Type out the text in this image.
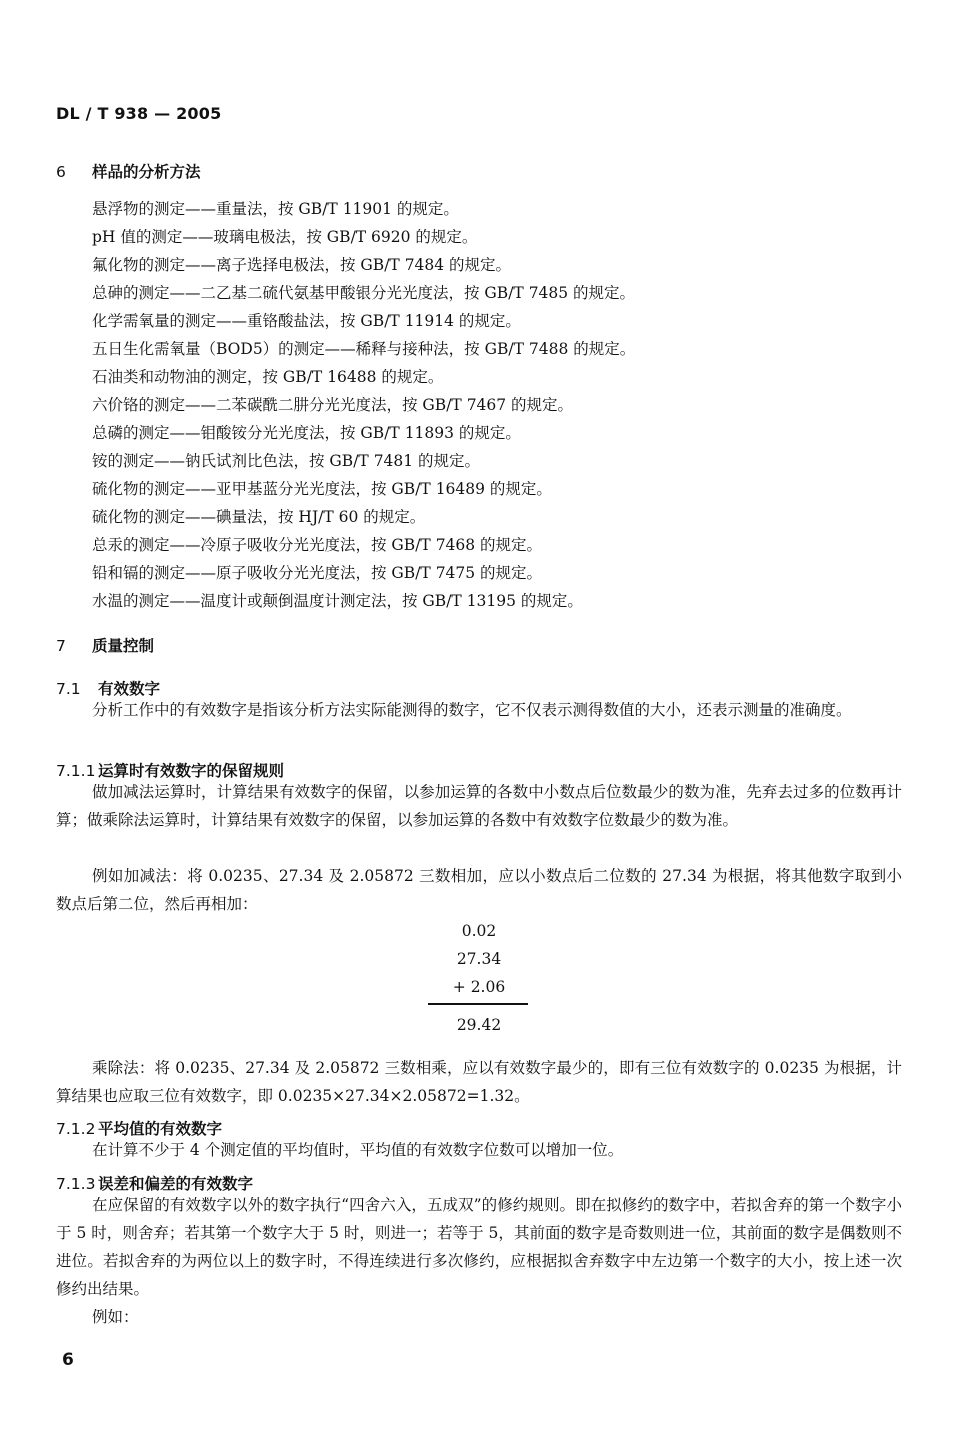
DL / T 938 — 2005
6 样品的分析方法
悬浮物的测定——重量法，按 GB/T 11901 的规定。
pH 值的测定——玻璃电极法，按 GB/T 6920 的规定。
氟化物的测定——离子选择电极法，按 GB/T 7484 的规定。
总砷的测定——二乙基二硫代氨基甲酸银分光光度法，按 GB/T 7485 的规定。
化学需氧量的测定——重铬酸盐法，按 GB/T 11914 的规定。
五日生化需氧量（BOD5）的测定——稀释与接种法，按 GB/T 7488 的规定。
石油类和动物油的测定，按 GB/T 16488 的规定。
六价铬的测定——二苯碳酰二肼分光光度法，按 GB/T 7467 的规定。
总磷的测定——钼酸铵分光光度法，按 GB/T 11893 的规定。
铵的测定——钠氏试剂比色法，按 GB/T 7481 的规定。
硫化物的测定——亚甲基蓝分光光度法，按 GB/T 16489 的规定。
硫化物的测定——碘量法，按 HJ/T 60 的规定。
总汞的测定——冷原子吸收分光光度法，按 GB/T 7468 的规定。
铅和镉的测定——原子吸收分光光度法，按 GB/T 7475 的规定。
水温的测定——温度计或颠倒温度计测定法，按 GB/T 13195 的规定。
7 质量控制
7.1 有效数字
分析工作中的有效数字是指该分析方法实际能测得的数字，它不仅表示测得数值的大小，还表示测量的准确度。
7.1.1 运算时有效数字的保留规则
做加减法运算时，计算结果有效数字的保留，以参加运算的各数中小数点后位数最少的数为准，先弃去过多的位数再计算；做乘除法运算时，计算结果有效数字的保留，以参加运算的各数中有效数字位数最少的数为准。
例如加减法：将 0.0235、27.34 及 2.05872 三数相加，应以小数点后二位数的 27.34 为根据，将其他数字取到小数点后第二位，然后再相加：
0.02
27.34
+ 2.06
29.42
乘除法：将 0.0235、27.34 及 2.05872 三数相乘，应以有效数字最少的，即有三位有效数字的 0.0235 为根据，计算结果也应取三位有效数字，即 0.0235×27.34×2.05872=1.32。
7.1.2 平均值的有效数字
在计算不少于 4 个测定值的平均值时，平均值的有效数字位数可以增加一位。
7.1.3 误差和偏差的有效数字
在应保留的有效数字以外的数字执行“四舍六入，五成双”的修约规则。即在拟修约的数字中，若拟舍弃的第一个数字小于 5 时，则舍弃；若其第一个数字大于 5 时，则进一；若等于 5，其前面的数字是奇数则进一位，其前面的数字是偶数则不进位。若拟舍弃的为两位以上的数字时，不得连续进行多次修约，应根据拟舍弃数字中左边第一个数字的大小，按上述一次修约出结果。
例如：
6
